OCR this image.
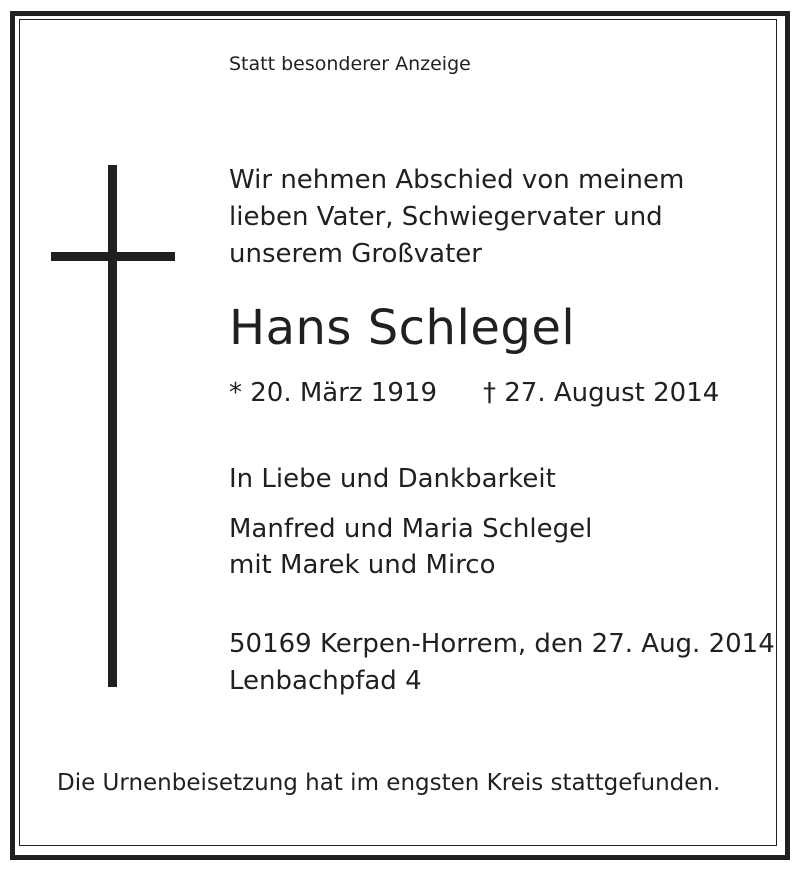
Statt besonderer Anzeige
Wir nehmen Abschied von meinem
lieben Vater, Schwiegervater und
unserem Großvater
Hans Schlegel
* 20. März 1919 † 27. August 2014
In Liebe und Dankbarkeit
Manfred und Maria Schlegel
mit Marek und Mirco
50169 Kerpen-Horrem, den 27. Aug. 2014
Lenbachpfad 4
Die Urnenbeisetzung hat im engsten Kreis stattgefunden.
